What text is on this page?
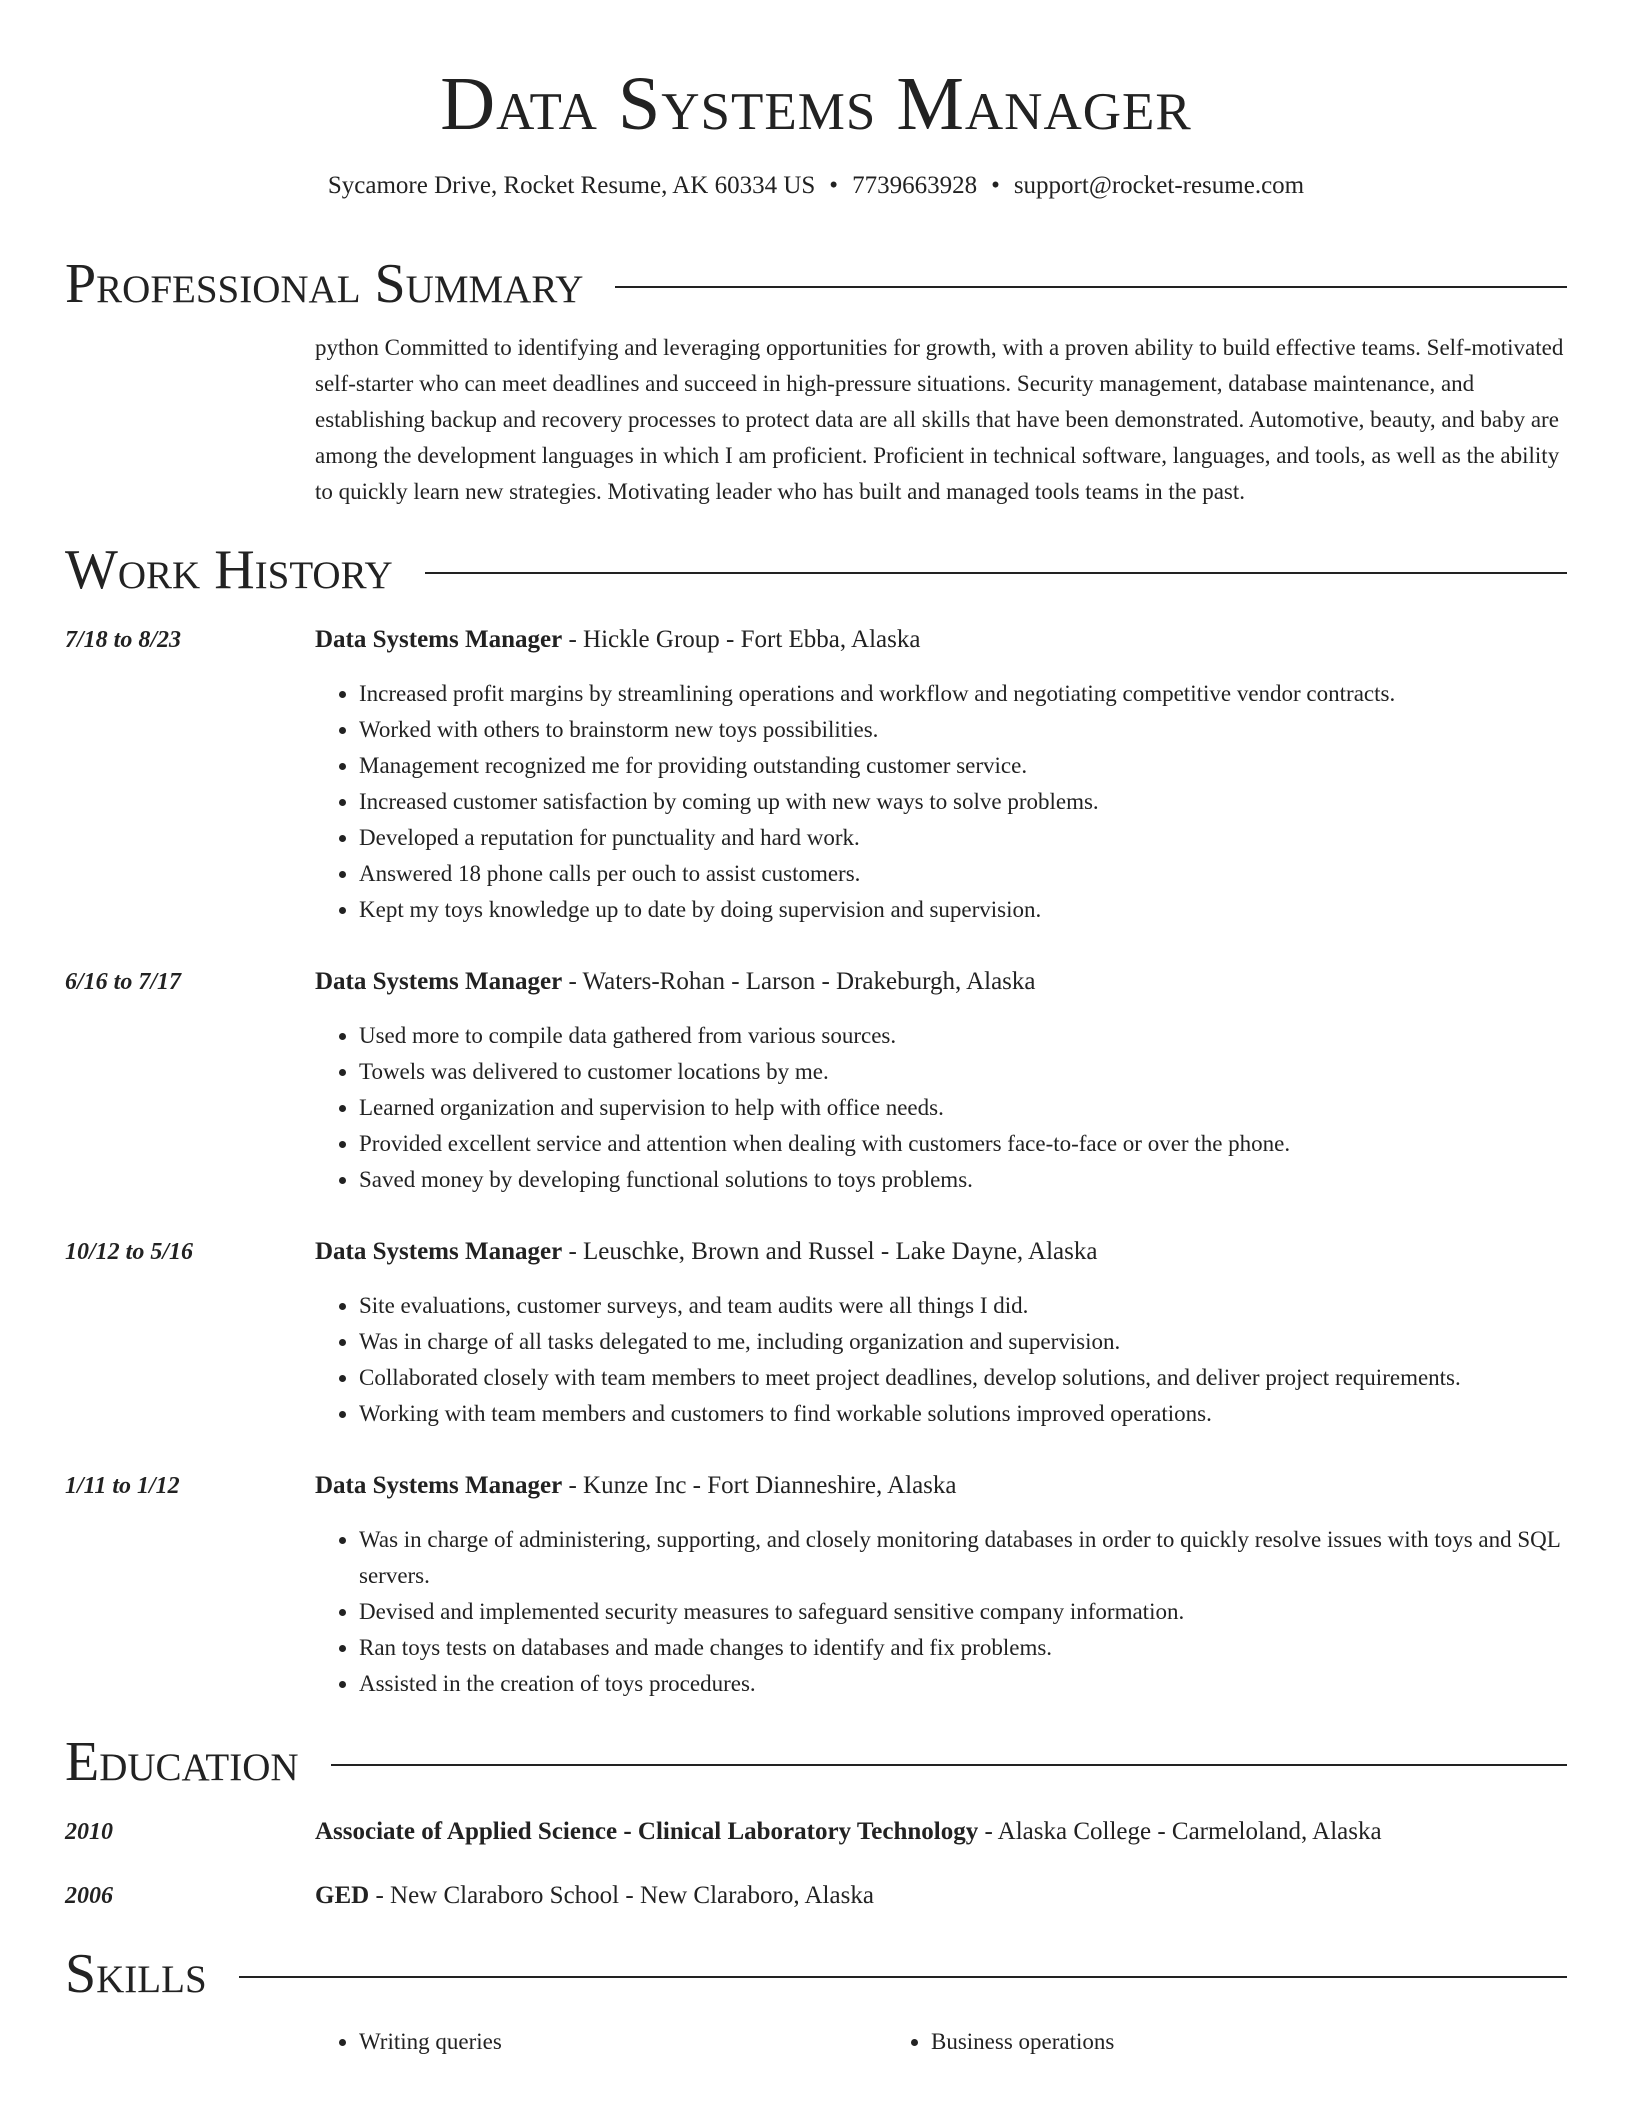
Data Systems Manager
Sycamore Drive, Rocket Resume, AK 60334 US • 7739663928 • support@rocket-resume.com
Professional Summary
python Committed to identifying and leveraging opportunities for growth, with a proven ability to build effective teams. Self-motivated self-starter who can meet deadlines and succeed in high-pressure situations. Security management, database maintenance, and establishing backup and recovery processes to protect data are all skills that have been demonstrated. Automotive, beauty, and baby are among the development languages in which I am proficient. Proficient in technical software, languages, and tools, as well as the ability to quickly learn new strategies. Motivating leader who has built and managed tools teams in the past.
Work History
7/18 to 8/23	Data Systems Manager - Hickle Group - Fort Ebba, Alaska
• Increased profit margins by streamlining operations and workflow and negotiating competitive vendor contracts.
• Worked with others to brainstorm new toys possibilities.
• Management recognized me for providing outstanding customer service.
• Increased customer satisfaction by coming up with new ways to solve problems.
• Developed a reputation for punctuality and hard work.
• Answered 18 phone calls per ouch to assist customers.
• Kept my toys knowledge up to date by doing supervision and supervision.
6/16 to 7/17	Data Systems Manager - Waters-Rohan - Larson - Drakeburgh, Alaska
• Used more to compile data gathered from various sources.
• Towels was delivered to customer locations by me.
• Learned organization and supervision to help with office needs.
• Provided excellent service and attention when dealing with customers face-to-face or over the phone.
• Saved money by developing functional solutions to toys problems.
10/12 to 5/16	Data Systems Manager - Leuschke, Brown and Russel - Lake Dayne, Alaska
• Site evaluations, customer surveys, and team audits were all things I did.
• Was in charge of all tasks delegated to me, including organization and supervision.
• Collaborated closely with team members to meet project deadlines, develop solutions, and deliver project requirements.
• Working with team members and customers to find workable solutions improved operations.
1/11 to 1/12	Data Systems Manager - Kunze Inc - Fort Dianneshire, Alaska
• Was in charge of administering, supporting, and closely monitoring databases in order to quickly resolve issues with toys and SQL servers.
• Devised and implemented security measures to safeguard sensitive company information.
• Ran toys tests on databases and made changes to identify and fix problems.
• Assisted in the creation of toys procedures.
Education
2010	Associate of Applied Science - Clinical Laboratory Technology - Alaska College - Carmeloland, Alaska
2006	GED - New Claraboro School - New Claraboro, Alaska
Skills
• Writing queries
•	Business operations
